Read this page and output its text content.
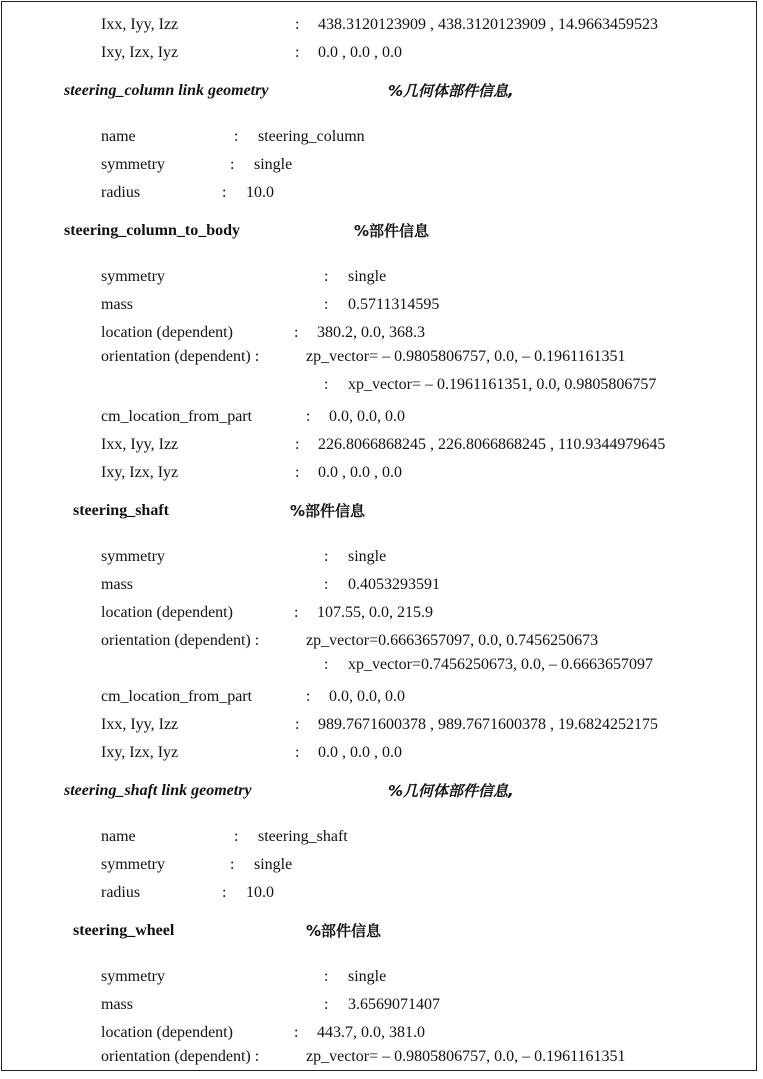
Ixx, Iyy, Izz	: 438.3120123909 , 438.3120123909 , 14.9663459523
Ixy, Izx, Iyz	: 0.0 , 0.0 , 0.0
steering_column link geometry	%几何体部件信息,
name	: steering_column
symmetry	: single
radius	: 10.0
steering_column_to_body	%部件信息
symmetry	: single
mass	: 0.5711314595
location (dependent)	: 380.2, 0.0, 368.3
orientation (dependent) :	zp_vector= – 0.9805806757, 0.0, – 0.1961161351
: xp_vector= – 0.1961161351, 0.0, 0.9805806757
cm_location_from_part	: 0.0, 0.0, 0.0
Ixx, Iyy, Izz	: 226.8066868245 , 226.8066868245 , 110.9344979645
Ixy, Izx, Iyz	: 0.0 , 0.0 , 0.0
steering_shaft	%部件信息
symmetry	: single
mass	: 0.4053293591
location (dependent)	: 107.55, 0.0, 215.9
orientation (dependent) :	zp_vector=0.6663657097, 0.0, 0.7456250673
: xp_vector=0.7456250673, 0.0, – 0.6663657097
cm_location_from_part	: 0.0, 0.0, 0.0
Ixx, Iyy, Izz	: 989.7671600378 , 989.7671600378 , 19.6824252175
Ixy, Izx, Iyz	: 0.0 , 0.0 , 0.0
steering_shaft link geometry	%几何体部件信息,
name	: steering_shaft
symmetry	: single
radius	: 10.0
steering_wheel	%部件信息
symmetry	: single
mass	: 3.6569071407
location (dependent)	: 443.7, 0.0, 381.0
orientation (dependent) :	zp_vector= – 0.9805806757, 0.0, – 0.1961161351
